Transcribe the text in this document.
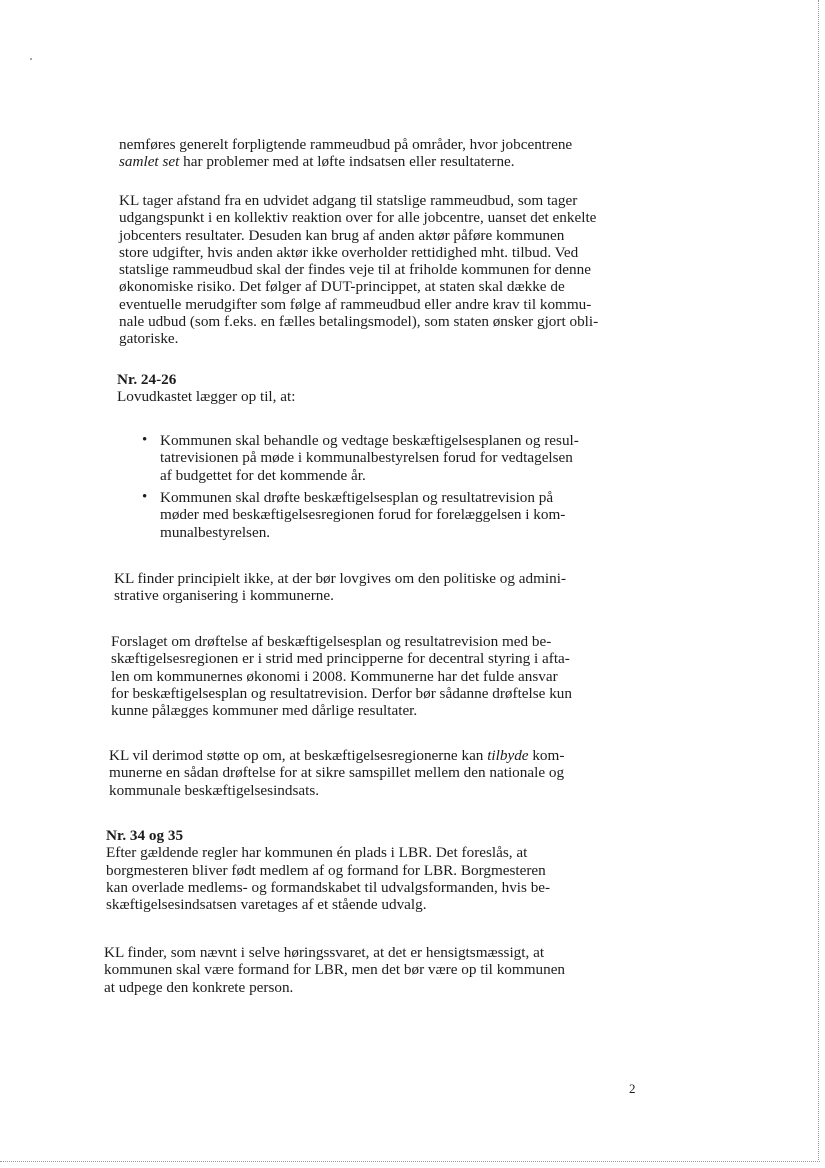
nemføres generelt forpligtende rammeudbud på områder, hvor jobcentrene
samlet set har problemer med at løfte indsatsen eller resultaterne.
KL tager afstand fra en udvidet adgang til statslige rammeudbud, som tager
udgangspunkt i en kollektiv reaktion over for alle jobcentre, uanset det enkelte
jobcenters resultater. Desuden kan brug af anden aktør påføre kommunen
store udgifter, hvis anden aktør ikke overholder rettidighed mht. tilbud. Ved
statslige rammeudbud skal der findes veje til at friholde kommunen for denne
økonomiske risiko. Det følger af DUT-princippet, at staten skal dække de
eventuelle merudgifter som følge af rammeudbud eller andre krav til kommu-
nale udbud (som f.eks. en fælles betalingsmodel), som staten ønsker gjort obli-
gatoriske.
Nr. 24-26
Lovudkastet lægger op til, at:
• Kommunen skal behandle og vedtage beskæftigelsesplanen og resul-
tatrevisionen på møde i kommunalbestyrelsen forud for vedtagelsen
af budgettet for det kommende år.
• Kommunen skal drøfte beskæftigelsesplan og resultatrevision på
møder med beskæftigelsesregionen forud for forelæggelsen i kom-
munalbestyrelsen.
KL finder principielt ikke, at der bør lovgives om den politiske og admini-
strative organisering i kommunerne.
Forslaget om drøftelse af beskæftigelsesplan og resultatrevision med be-
skæftigelsesregionen er i strid med principperne for decentral styring i afta-
len om kommunernes økonomi i 2008. Kommunerne har det fulde ansvar
for beskæftigelsesplan og resultatrevision. Derfor bør sådanne drøftelse kun
kunne pålægges kommuner med dårlige resultater.
KL vil derimod støtte op om, at beskæftigelsesregionerne kan tilbyde kom-
munerne en sådan drøftelse for at sikre samspillet mellem den nationale og
kommunale beskæftigelsesindsats.
Nr. 34 og 35
Efter gældende regler har kommunen én plads i LBR. Det foreslås, at
borgmesteren bliver født medlem af og formand for LBR. Borgmesteren
kan overlade medlems- og formandskabet til udvalgsformanden, hvis be-
skæftigelsesindsatsen varetages af et stående udvalg.
KL finder, som nævnt i selve høringssvaret, at det er hensigtsmæssigt, at
kommunen skal være formand for LBR, men det bør være op til kommunen
at udpege den konkrete person.
2
